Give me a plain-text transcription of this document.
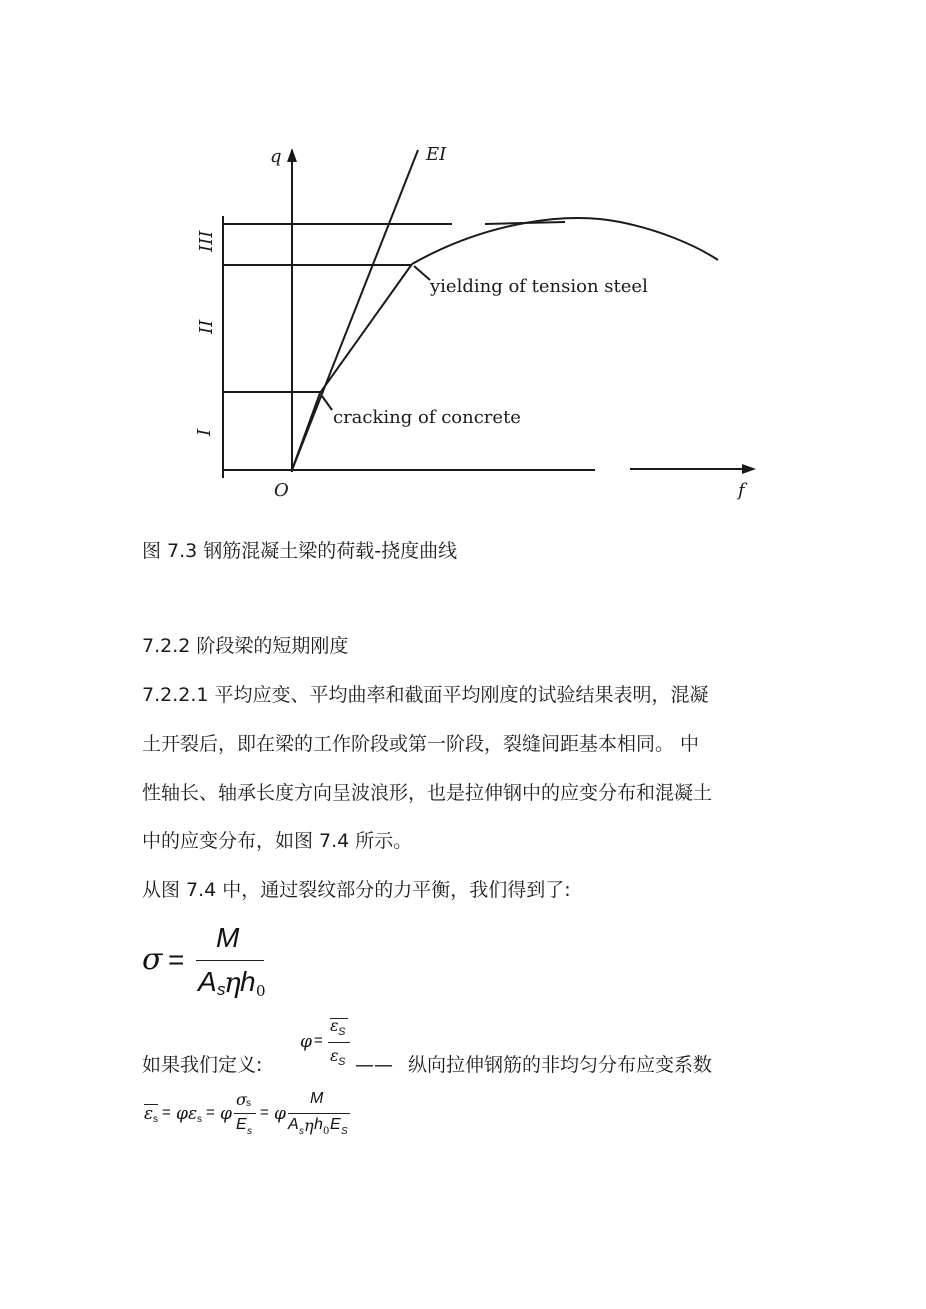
q	EI
O	f
I
II
III
yielding of tension steel
cracking of concrete
图 7.3 钢筋混凝土梁的荷载-挠度曲线
7.2.2 阶段梁的短期刚度
7.2.2.1 平均应变、平均曲率和截面平均刚度的试验结果表明，混凝
土开裂后，即在梁的工作阶段或第一阶段，裂缝间距基本相同。 中
性轴长、轴承长度方向呈波浪形，也是拉伸钢中的应变分布和混凝土
中的应变分布，如图 7.4 所示。
从图 7.4 中，通过裂纹部分的力平衡，我们得到了:
σ =
M
A s
η h 0
如果我们定义:
φ =
ε S
ε S —— 纵向拉伸钢筋的非均匀分布应变系数
ε s = φ ε s = φ
σ s
E s
= φ
M
A s η h 0 E S
